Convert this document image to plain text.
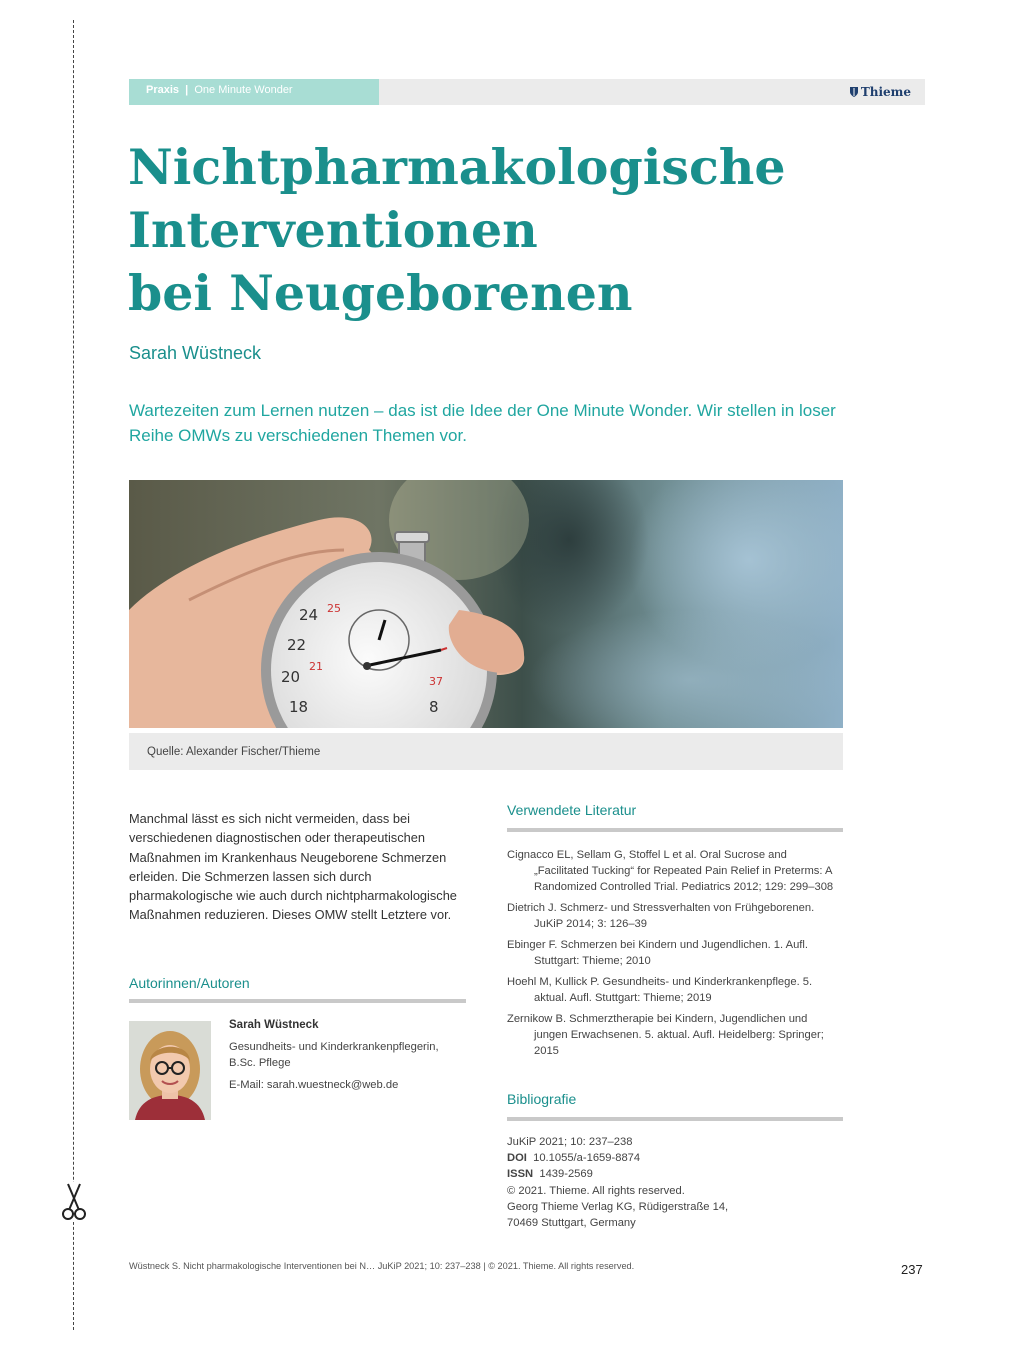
Praxis | One Minute Wonder	Thieme
Nichtpharmakologische
Interventionen
bei Neugeborenen
Sarah Wüstneck
Wartezeiten zum Lernen nutzen – das ist die Idee der One Minute Wonder. Wir stellen in loser Reihe OMWs zu verschiedenen Themen vor.
24
22
20
18	8
25
21
37
Quelle: Alexander Fischer/Thieme
Manchmal lässt es sich nicht vermeiden, dass bei verschiedenen diagnostischen oder therapeutischen Maßnahmen im Krankenhaus Neugeborene Schmerzen erleiden. Die Schmerzen lassen sich durch pharmakologische wie auch durch nichtpharmakologische Maßnahmen reduzieren. Dieses OMW stellt Letztere vor.
Autorinnen/Autoren
Sarah Wüstneck
Gesundheits- und Kinderkrankenpflegerin,
B.Sc. Pflege
E-Mail: sarah.wuestneck@web.de
Verwendete Literatur
Cignacco EL, Sellam G, Stoffel L et al. Oral Sucrose and „Facilitated Tucking“ for Repeated Pain Relief in Preterms: A Randomized Controlled Trial. Pediatrics 2012; 129: 299–308
Dietrich J. Schmerz- und Stressverhalten von Frühgeborenen. JuKiP 2014; 3: 126–39
Ebinger F. Schmerzen bei Kindern und Jugendlichen. 1. Aufl. Stuttgart: Thieme; 2010
Hoehl M, Kullick P. Gesundheits- und Kinderkrankenpflege. 5. aktual. Aufl. Stuttgart: Thieme; 2019
Zernikow B. Schmerztherapie bei Kindern, Jugendlichen und jungen Erwachsenen. 5. aktual. Aufl. Heidelberg: Springer; 2015
Bibliografie
JuKiP 2021; 10: 237–238
DOI 10.1055/a-1659-8874
ISSN 1439-2569
© 2021. Thieme. All rights reserved.
Georg Thieme Verlag KG, Rüdigerstraße 14,
70469 Stuttgart, Germany
Wüstneck S. Nicht pharmakologische Interventionen bei N… JuKiP 2021; 10: 237–238 | © 2021. Thieme. All rights reserved.	237
